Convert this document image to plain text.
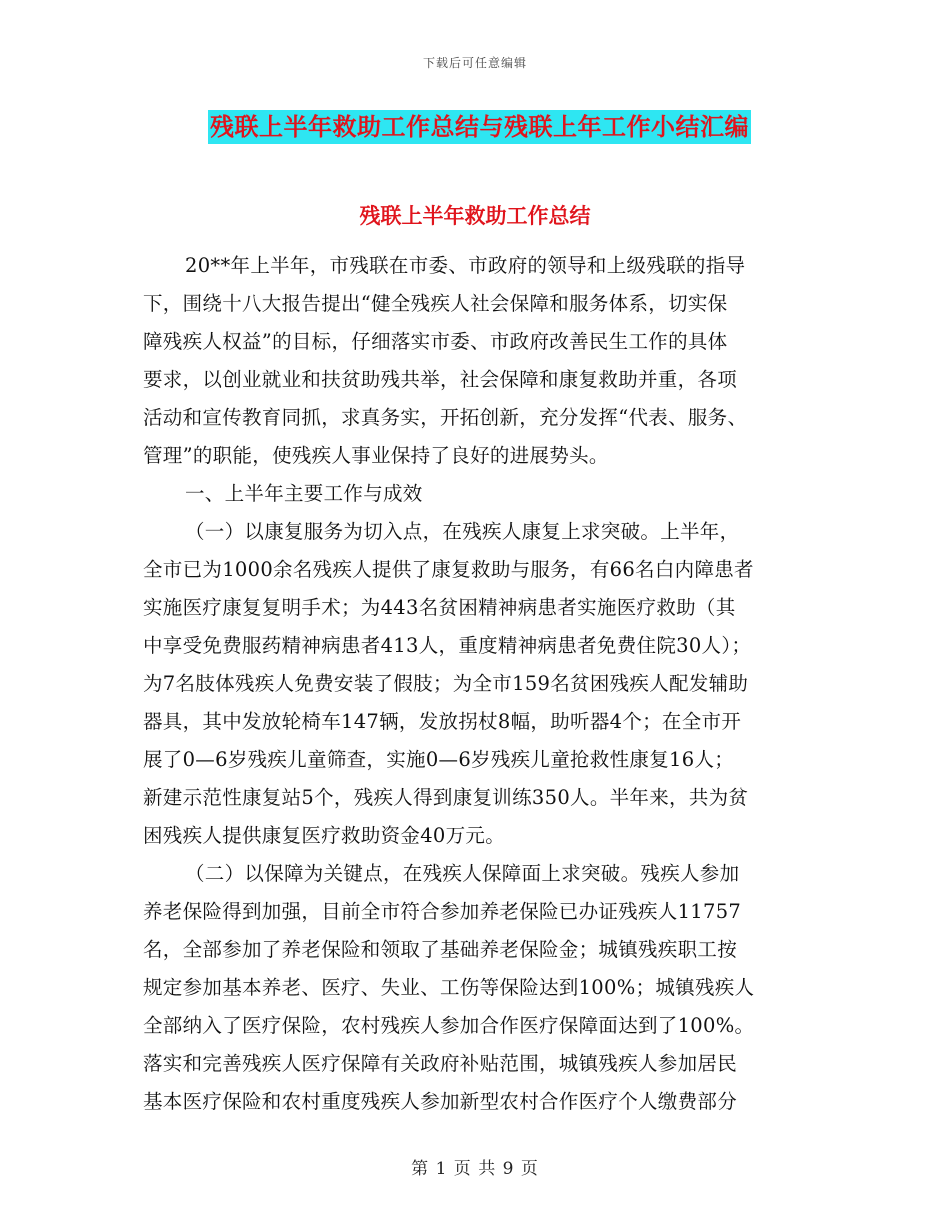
下载后可任意编辑
残联上半年救助工作总结与残联上年工作小结汇编
残联上半年救助工作总结
20**年上半年，市残联在市委、市政府的领导和上级残联的指导
下，围绕十八大报告提出“健全残疾人社会保障和服务体系，切实保
障残疾人权益”的目标，仔细落实市委、市政府改善民生工作的具体
要求，以创业就业和扶贫助残共举，社会保障和康复救助并重，各项
活动和宣传教育同抓，求真务实，开拓创新，充分发挥“代表、服务、
管理”的职能，使残疾人事业保持了良好的进展势头。
一、上半年主要工作与成效
（一）以康复服务为切入点，在残疾人康复上求突破。上半年，
全市已为1000余名残疾人提供了康复救助与服务，有66名白内障患者
实施医疗康复复明手术；为443名贫困精神病患者实施医疗救助（其
中享受免费服药精神病患者413人，重度精神病患者免费住院30人）；
为7名肢体残疾人免费安装了假肢；为全市159名贫困残疾人配发辅助
器具，其中发放轮椅车147辆，发放拐杖8幅，助听器4个；在全市开
展了0—6岁残疾儿童筛查，实施0—6岁残疾儿童抢救性康复16人；
新建示范性康复站5个，残疾人得到康复训练350人。半年来，共为贫
困残疾人提供康复医疗救助资金40万元。
（二）以保障为关键点，在残疾人保障面上求突破。残疾人参加
养老保险得到加强，目前全市符合参加养老保险已办证残疾人11757
名，全部参加了养老保险和领取了基础养老保险金；城镇残疾职工按
规定参加基本养老、医疗、失业、工伤等保险达到100%；城镇残疾人
全部纳入了医疗保险，农村残疾人参加合作医疗保障面达到了100%。
落实和完善残疾人医疗保障有关政府补贴范围，城镇残疾人参加居民
基本医疗保险和农村重度残疾人参加新型农村合作医疗个人缴费部分
第 1 页 共 9 页
